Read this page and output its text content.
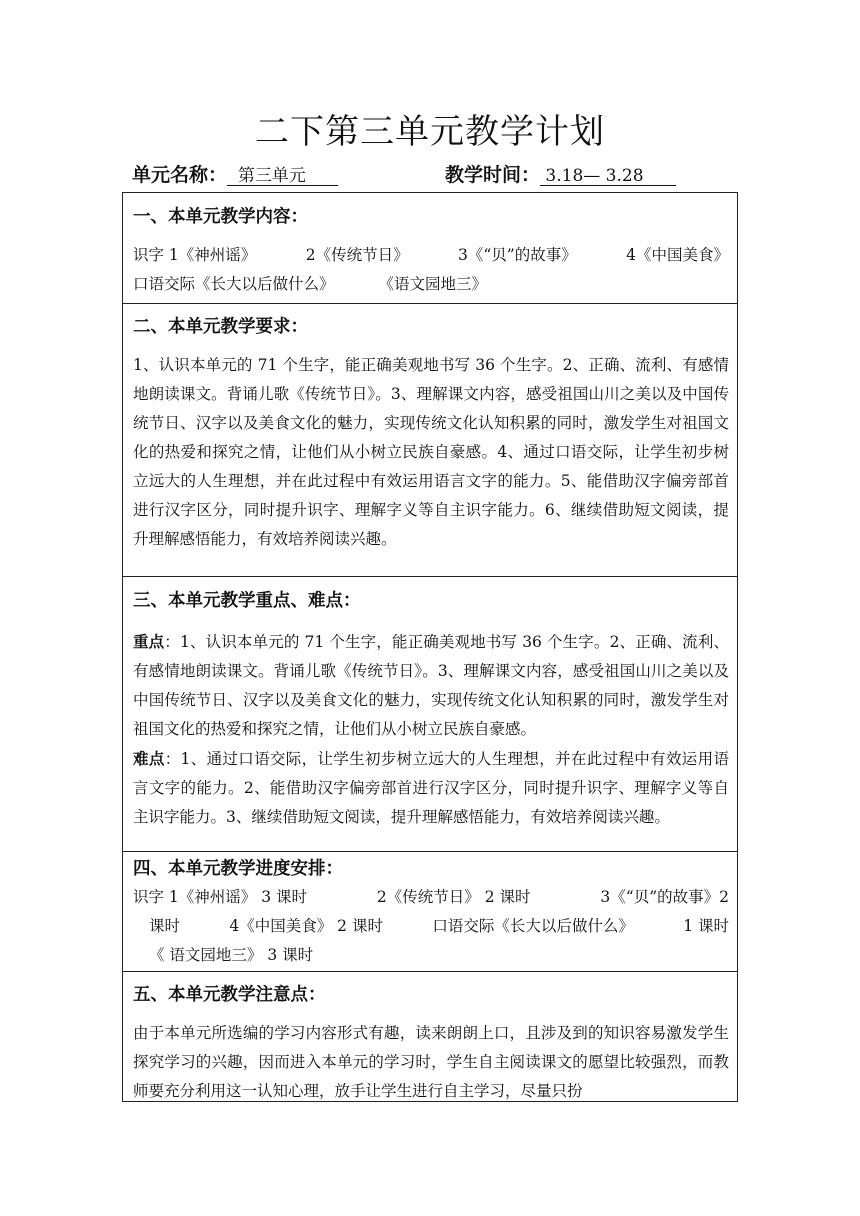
二下第三单元教学计划
单元名称：  第三单元	教学时间： 3.18— 3.28
一、本单元教学内容：
识字 1《神州谣》	2《传统节日》	3《“贝”的故事》	4《中国美食》
口语交际《长大以后做什么》	《语文园地三》
二、本单元教学要求：
1、认识本单元的 71 个生字，能正确美观地书写 36 个生字。2、正确、流利、有感情地朗读课文。背诵儿歌《传统节日》。3、理解课文内容，感受祖国山川之美以及中国传统节日、汉字以及美食文化的魅力，实现传统文化认知积累的同时，激发学生对祖国文化的热爱和探究之情，让他们从小树立民族自豪感。4、通过口语交际，让学生初步树立远大的人生理想，并在此过程中有效运用语言文字的能力。5、能借助汉字偏旁部首进行汉字区分，同时提升识字、理解字义等自主识字能力。6、继续借助短文阅读，提升理解感悟能力，有效培养阅读兴趣。
三、本单元教学重点、难点：
重点：1、认识本单元的 71 个生字，能正确美观地书写 36 个生字。2、正确、流利、有感情地朗读课文。背诵儿歌《传统节日》。3、理解课文内容，感受祖国山川之美以及中国传统节日、汉字以及美食文化的魅力，实现传统文化认知积累的同时，激发学生对祖国文化的热爱和探究之情，让他们从小树立民族自豪感。
难点：1、通过口语交际，让学生初步树立远大的人生理想，并在此过程中有效运用语言文字的能力。2、能借助汉字偏旁部首进行汉字区分，同时提升识字、理解字义等自主识字能力。3、继续借助短文阅读，提升理解感悟能力，有效培养阅读兴趣。
四、本单元教学进度安排：
识字 1《神州谣》 3 课时	2《传统节日》 2 课时	3《“贝”的故事》2
课时	4《中国美食》 2 课时	口语交际《长大以后做什么》	1 课时
《 语文园地三》 3 课时
五、本单元教学注意点：
由于本单元所选编的学习内容形式有趣，读来朗朗上口，且涉及到的知识容易激发学生探究学习的兴趣，因而进入本单元的学习时，学生自主阅读课文的愿望比较强烈，而教师要充分利用这一认知心理，放手让学生进行自主学习，尽量只扮
